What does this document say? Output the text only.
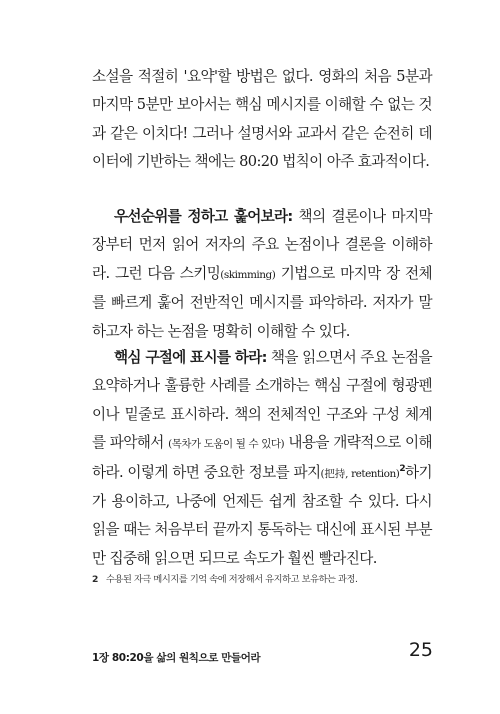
소설을 적절히 '요약'할 방법은 없다. 영화의 처음 5분과 마지막 5분만 보아서는 핵심 메시지를 이해할 수 없는 것과 같은 이치다! 그러나 설명서와 교과서 같은 순전히 데이터에 기반하는 책에는 80:20 법칙이 아주 효과적이다.

우선순위를 정하고 훑어보라: 책의 결론이나 마지막 장부터 먼저 읽어 저자의 주요 논점이나 결론을 이해하라. 그런 다음 스키밍(skimming) 기법으로 마지막 장 전체를 빠르게 훑어 전반적인 메시지를 파악하라. 저자가 말하고자 하는 논점을 명확히 이해할 수 있다.

핵심 구절에 표시를 하라: 책을 읽으면서 주요 논점을 요약하거나 훌륭한 사례를 소개하는 핵심 구절에 형광펜이나 밑줄로 표시하라. 책의 전체적인 구조와 구성 체계를 파악해서 (목차가 도움이 될 수 있다) 내용을 개략적으로 이해하라. 이렇게 하면 중요한 정보를 파지(把持, retention)$^2$하기가 용이하고, 나중에 언제든 쉽게 참조할 수 있다. 다시 읽을 때는 처음부터 끝까지 통독하는 대신에 표시된 부분만 집중해 읽으면 되므로 속도가 훨씬 빨라진다.

2 수용된 자극 메시지를 기억 속에 저장해서 유지하고 보유하는 과정.
1장 80:20을 삶의 원칙으로 만들어라	25
